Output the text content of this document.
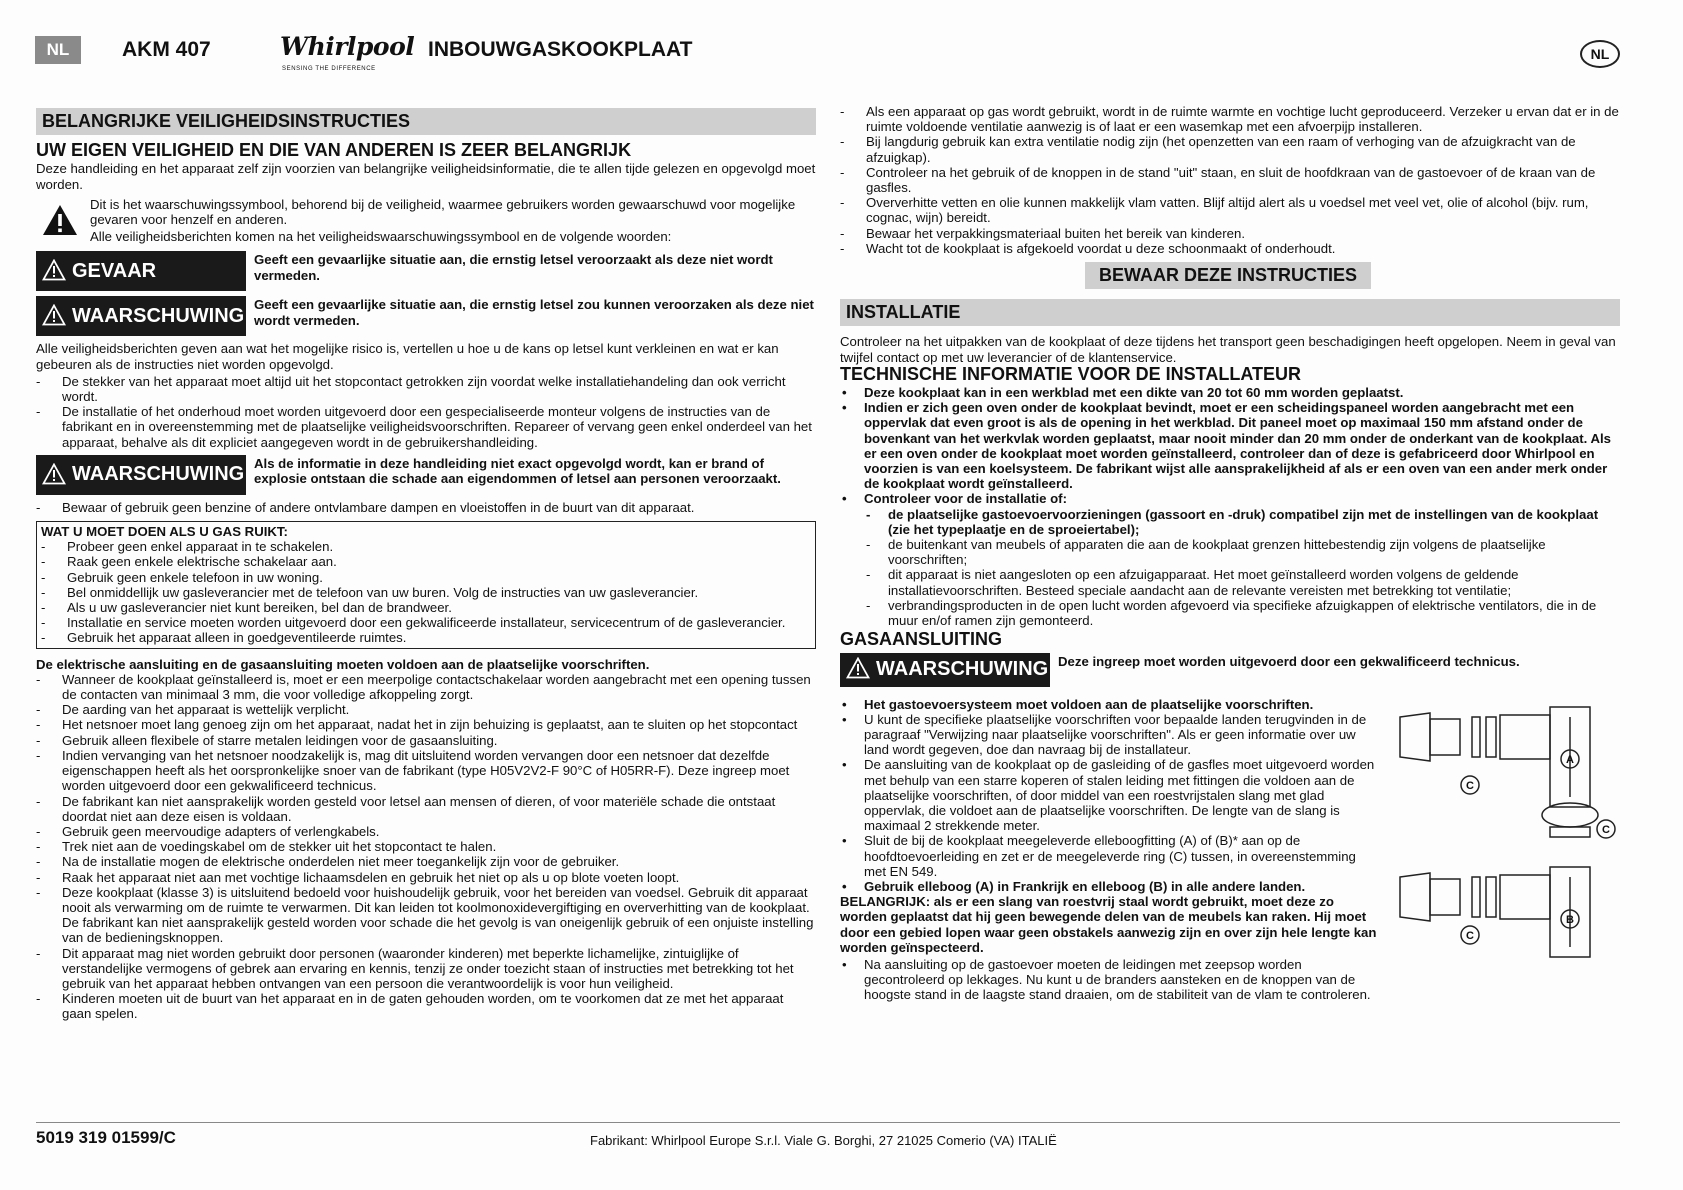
NL	AKM 407	Whirlpool
SENSING THE DIFFERENCE
INBOUWGASKOOKPLAAT	NL
BELANGRIJKE VEILIGHEIDSINSTRUCTIES
UW EIGEN VEILIGHEID EN DIE VAN ANDEREN IS ZEER BELANGRIJK

Deze handleiding en het apparaat zelf zijn voorzien van belangrijke veiligheidsinformatie, die te allen tijde gelezen en opgevolgd moet worden.

Dit is het waarschuwingssymbool, behorend bij de veiligheid, waarmee gebruikers worden gewaarschuwd voor mogelijke gevaren voor henzelf en anderen.

Alle veiligheidsberichten komen na het veiligheidswaarschuwingssymbool en de volgende woorden:

GEVAAR	Geeft een gevaarlijke situatie aan, die ernstig letsel veroorzaakt als deze niet wordt vermeden.
WAARSCHUWING Geeft een gevaarlijke situatie aan, die ernstig letsel zou kunnen veroorzaken als deze niet wordt vermeden.

Alle veiligheidsberichten geven aan wat het mogelijke risico is, vertellen u hoe u de kans op letsel kunt verkleinen en wat er kan gebeuren als de instructies niet worden opgevolgd.

- De stekker van het apparaat moet altijd uit het stopcontact getrokken zijn voordat welke installatiehandeling dan ook verricht wordt.
- De installatie of het onderhoud moet worden uitgevoerd door een gespecialiseerde monteur volgens de instructies van de fabrikant en in overeenstemming met de plaatselijke veiligheidsvoorschriften. Repareer of vervang geen enkel onderdeel van het apparaat, behalve als dit expliciet aangegeven wordt in de gebruikershandleiding.
WAARSCHUWING Als de informatie in deze handleiding niet exact opgevolgd wordt, kan er brand of explosie ontstaan die schade aan eigendommen of letsel aan personen veroorzaakt.
- Bewaar of gebruik geen benzine of andere ontvlambare dampen en vloeistoffen in de buurt van dit apparaat.
WAT U MOET DOEN ALS U GAS RUIKT:
- Probeer geen enkel apparaat in te schakelen.
- Raak geen enkele elektrische schakelaar aan.
- Gebruik geen enkele telefoon in uw woning.
- Bel onmiddellijk uw gasleverancier met de telefoon van uw buren. Volg de instructies van uw gasleverancier.
- Als u uw gasleverancier niet kunt bereiken, bel dan de brandweer.
- Installatie en service moeten worden uitgevoerd door een gekwalificeerde installateur, servicecentrum of de gasleverancier.
- Gebruik het apparaat alleen in goedgeventileerde ruimtes.
De elektrische aansluiting en de gasaansluiting moeten voldoen aan de plaatselijke voorschriften.
- Wanneer de kookplaat geïnstalleerd is, moet er een meerpolige contactschakelaar worden aangebracht met een opening tussen de contacten van minimaal 3 mm, die voor volledige afkoppeling zorgt.
- De aarding van het apparaat is wettelijk verplicht.
- Het netsnoer moet lang genoeg zijn om het apparaat, nadat het in zijn behuizing is geplaatst, aan te sluiten op het stopcontact
- Gebruik alleen flexibele of starre metalen leidingen voor de gasaansluiting.
- Indien vervanging van het netsnoer noodzakelijk is, mag dit uitsluitend worden vervangen door een netsnoer dat dezelfde eigenschappen heeft als het oorspronkelijke snoer van de fabrikant (type H05V2V2-F 90°C of H05RR-F). Deze ingreep moet worden uitgevoerd door een gekwalificeerd technicus.
- De fabrikant kan niet aansprakelijk worden gesteld voor letsel aan mensen of dieren, of voor materiële schade die ontstaat doordat niet aan deze eisen is voldaan.
- Gebruik geen meervoudige adapters of verlengkabels.
- Trek niet aan de voedingskabel om de stekker uit het stopcontact te halen.
- Na de installatie mogen de elektrische onderdelen niet meer toegankelijk zijn voor de gebruiker.
- Raak het apparaat niet aan met vochtige lichaamsdelen en gebruik het niet op als u op blote voeten loopt.
- Deze kookplaat (klasse 3) is uitsluitend bedoeld voor huishoudelijk gebruik, voor het bereiden van voedsel. Gebruik dit apparaat nooit als verwarming om de ruimte te verwarmen. Dit kan leiden tot koolmonoxidevergiftiging en oververhitting van de kookplaat. De fabrikant kan niet aansprakelijk gesteld worden voor schade die het gevolg is van oneigenlijk gebruik of een onjuiste instelling van de bedieningsknoppen.
- Dit apparaat mag niet worden gebruikt door personen (waaronder kinderen) met beperkte lichamelijke, zintuiglijke of verstandelijke vermogens of gebrek aan ervaring en kennis, tenzij ze onder toezicht staan of instructies met betrekking tot het gebruik van het apparaat hebben ontvangen van een persoon die verantwoordelijk is voor hun veiligheid.
- Kinderen moeten uit de buurt van het apparaat en in de gaten gehouden worden, om te voorkomen dat ze met het apparaat gaan spelen.
- Als een apparaat op gas wordt gebruikt, wordt in de ruimte warmte en vochtige lucht geproduceerd. Verzeker u ervan dat er in de ruimte voldoende ventilatie aanwezig is of laat er een wasemkap met een afvoerpijp installeren.
- Bij langdurig gebruik kan extra ventilatie nodig zijn (het openzetten van een raam of verhoging van de afzuigkracht van de afzuigkap).
- Controleer na het gebruik of de knoppen in de stand "uit" staan, en sluit de hoofdkraan van de gastoevoer of de kraan van de gasfles.
- Oververhitte vetten en olie kunnen makkelijk vlam vatten. Blijf altijd alert als u voedsel met veel vet, olie of alcohol (bijv. rum, cognac, wijn) bereidt.
- Bewaar het verpakkingsmateriaal buiten het bereik van kinderen.
- Wacht tot de kookplaat is afgekoeld voordat u deze schoonmaakt of onderhoudt.
BEWAAR DEZE INSTRUCTIES
INSTALLATIE

Controleer na het uitpakken van de kookplaat of deze tijdens het transport geen beschadigingen heeft opgelopen. Neem in geval van twijfel contact op met uw leverancier of de klantenservice.

TECHNISCHE INFORMATIE VOOR DE INSTALLATEUR
• Deze kookplaat kan in een werkblad met een dikte van 20 tot 60 mm worden geplaatst.
• Indien er zich geen oven onder de kookplaat bevindt, moet er een scheidingspaneel worden aangebracht met een oppervlak dat even groot is als de opening in het werkblad. Dit paneel moet op maximaal 150 mm afstand onder de bovenkant van het werkvlak worden geplaatst, maar nooit minder dan 20 mm onder de onderkant van de kookplaat. Als er een oven onder de kookplaat moet worden geïnstalleerd, controleer dan of deze is gefabriceerd door Whirlpool en voorzien is van een koelsysteem. De fabrikant wijst alle aansprakelijkheid af als er een oven van een ander merk onder de kookplaat wordt geïnstalleerd.
• Controleer voor de installatie of:
- de plaatselijke gastoevoervoorzieningen (gassoort en -druk) compatibel zijn met de instellingen van de kookplaat (zie het typeplaatje en de sproeiertabel);
- de buitenkant van meubels of apparaten die aan de kookplaat grenzen hittebestendig zijn volgens de plaatselijke voorschriften;
- dit apparaat is niet aangesloten op een afzuigapparaat. Het moet geïnstalleerd worden volgens de geldende installatievoorschriften. Besteed speciale aandacht aan de relevante vereisten met betrekking tot ventilatie;
- verbrandingsproducten in de open lucht worden afgevoerd via specifieke afzuigkappen of elektrische ventilators, die in de muur en/of ramen zijn gemonteerd.
GASAANSLUITING
WAARSCHUWING Deze ingreep moet worden uitgevoerd door een gekwalificeerd technicus.
• Het gastoevoersysteem moet voldoen aan de plaatselijke voorschriften.
• U kunt de specifieke plaatselijke voorschriften voor bepaalde landen terugvinden in de paragraaf "Verwijzing naar plaatselijke voorschriften". Als er geen informatie over uw land wordt gegeven, doe dan navraag bij de installateur.
• De aansluiting van de kookplaat op de gasleiding of de gasfles moet uitgevoerd worden met behulp van een starre koperen of stalen leiding met fittingen die voldoen aan de plaatselijke voorschriften, of door middel van een roestvrijstalen slang met glad oppervlak, die voldoet aan de plaatselijke voorschriften. De lengte van de slang is maximaal 2 strekkende meter.
• Sluit de bij de kookplaat meegeleverde elleboogfitting (A) of (B)* aan op de hoofdtoevoerleiding en zet er de meegeleverde ring (C) tussen, in overeenstemming met EN 549.
• Gebruik elleboog (A) in Frankrijk en elleboog (B) in alle andere landen.

BELANGRIJK: als er een slang van roestvrij staal wordt gebruikt, moet deze zo worden geplaatst dat hij geen bewegende delen van de meubels kan raken. Hij moet door een gebied lopen waar geen obstakels aanwezig zijn en over zijn hele lengte kan worden geïnspecteerd.

• Na aansluiting op de gastoevoer moeten de leidingen met zeepsop worden gecontroleerd op lekkages. Nu kunt u de branders aansteken en de knoppen van de hoogste stand in de laagste stand draaien, om de stabiliteit van de vlam te controleren.
A
B
C
C
C
5019 319 01599/C	Fabrikant: Whirlpool Europe S.r.l. Viale G. Borghi, 27 21025 Comerio (VA) ITALIË
